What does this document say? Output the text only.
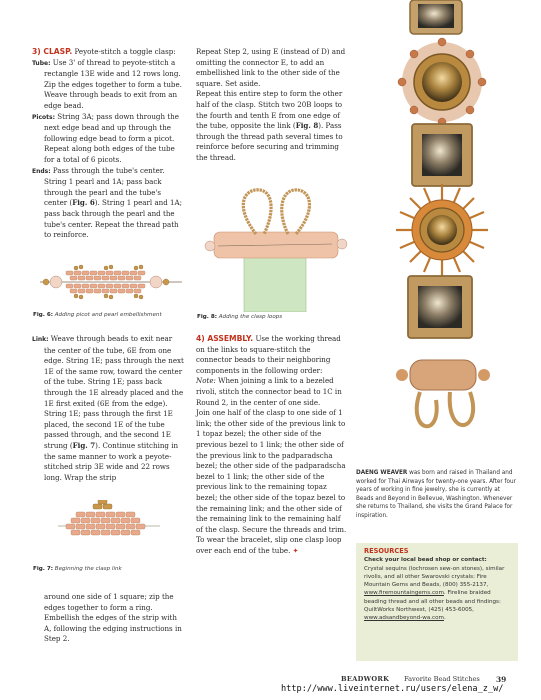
3) CLASP. Peyote-stitch a toggle clasp:

Tube: Use 3' of thread to peyote-stitch a rectangle 13E wide and 12 rows long. Zip the edges together to form a tube. Weave through beads to exit from an edge bead.

Picots: String 3A; pass down through the next edge bead and up through the following edge bead to form a picot. Repeat along both edges of the tube for a total of 6 picots.

Ends: Pass through the tube's center. String 1 pearl and 1A; pass back through the pearl and the tube's center (Fig. 6). String 1 pearl and 1A; pass back through the pearl and the tube's center. Repeat the thread path to reinforce.

Repeat Step 2, using E (instead of D) and omitting the connector E, to add an embellished link to the other side of the square. Set aside.

Repeat this entire step to form the other half of the clasp. Stitch two 20B loops to the fourth and tenth E from one edge of the tube, opposite the link (Fig. 8). Pass through the thread path several times to reinforce before securing and trimming the thread.

Fig. 6: Adding picot and pearl embellishment	Fig. 8: Adding the clasp loops

Link: Weave through beads to exit near the center of the tube, 6E from one edge. String 1E; pass through the next 1E of the same row, toward the center of the tube. String 1E; pass back through the 1E already placed and the 1E first exited (6E from the edge). String 1E; pass through the first 1E placed, the second 1E of the tube passed through, and the second 1E strung (Fig. 7). Continue stitching in the same manner to work a peyote-stitched strip 3E wide and 22 rows long. Wrap the strip

Fig. 7: Beginning the clasp link

around one side of 1 square; zip the edges together to form a ring. Embellish the edges of the strip with A, following the edging instructions in Step 2.

4) ASSEMBLY. Use the working thread on the links to square-stitch the connector beads to their neighboring components in the following order:

Note: When joining a link to a bezeled rivoli, stitch the connector bead to 1C in Round 2, in the center of one side.

Join one half of the clasp to one side of 1 link; the other side of the previous link to 1 topaz bezel; the other side of the previous bezel to 1 link; the other side of the previous link to the padparadscha bezel; the other side of the padparadscha bezel to 1 link; the other side of the previous link to the remaining topaz bezel; the other side of the topaz bezel to the remaining link; and the other side of the remaining link to the remaining half of the clasp. Secure the threads and trim.

To wear the bracelet, slip one clasp loop over each end of the tube. ✦

DAENG WEAVER was born and raised in Thailand and worked for Thai Airways for twenty-one years. After four years of working in fine jewelry, she is currently at Beads and Beyond in Bellevue, Washington. Whenever she returns to Thailand, she visits the Grand Palace for inspiration.
RESOURCES
Check your local bead shop or contact:
Crystal sequins (lochrosen sew-on stones), similar rivolis, and all other Swarovski crystals: Fire Mountain Gems and Beads, (800) 355-2137, www.firemountaingems.com. Fireline braided beading thread and all other beads and findings: QuiltWorks Northwest, (425) 453-6005, www.adsandbeyond-wa.com.
BEADWORK Favorite Bead Stitches 39
http://www.liveinternet.ru/users/elena_z_w/
